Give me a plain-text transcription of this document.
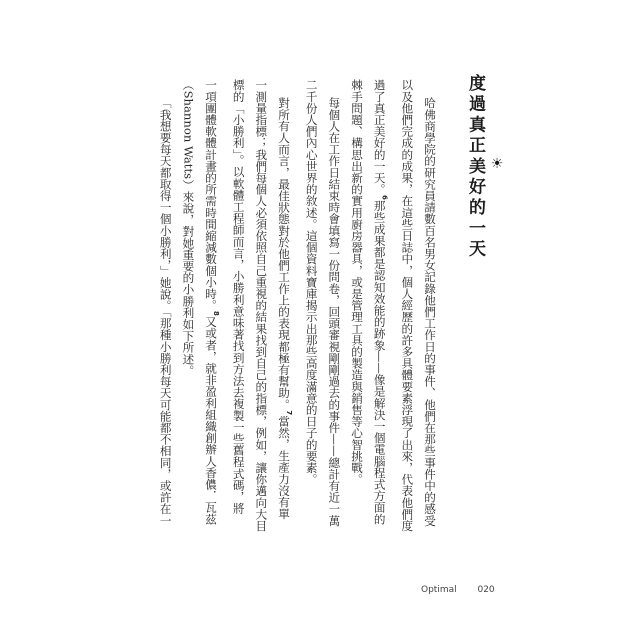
☀
度過真正美好的一天
哈佛商學院的研究員請數百名男女記錄他們工作日的事件、他們在那些事件中的感受
以及他們完成的成果，在這些日誌中，個人經歷的許多具體要素浮現了出來，代表他們度
過了真正美好的一天。$^6$那些成果都是認知效能的跡象——像是解決一個電腦程式方面的
棘手問題、構思出新的實用廚房器具，或是管理工具的製造與銷售等心智挑戰。
每個人在工作日結束時會填寫一份問卷，回頭審視剛剛過去的事件——總計有近一萬
二千份人們內心世界的敘述。這個資料寶庫揭示出那些高度滿意的日子的要素。
對所有人而言，最佳狀態對於他們工作上的表現都極有幫助。$^7$當然，生產力沒有單
一測量指標；我們每個人必須依照自己重視的結果找到自己的指標，例如，讓你邁向大目
標的「小勝利」。以軟體工程師而言，小勝利意味著找到方法去複製一些舊程式碼，將
一項團體軟體計畫的所需時間縮減數個小時。$^8$又或者，就非盈利組織創辦人香儂．瓦茲
（Shannon Watts）來說，對她重要的小勝利如下所述。
「我想要每天都取得一個小勝利，」她說。「那種小勝利每天可能都不相同，或許在一
Optimal 020
